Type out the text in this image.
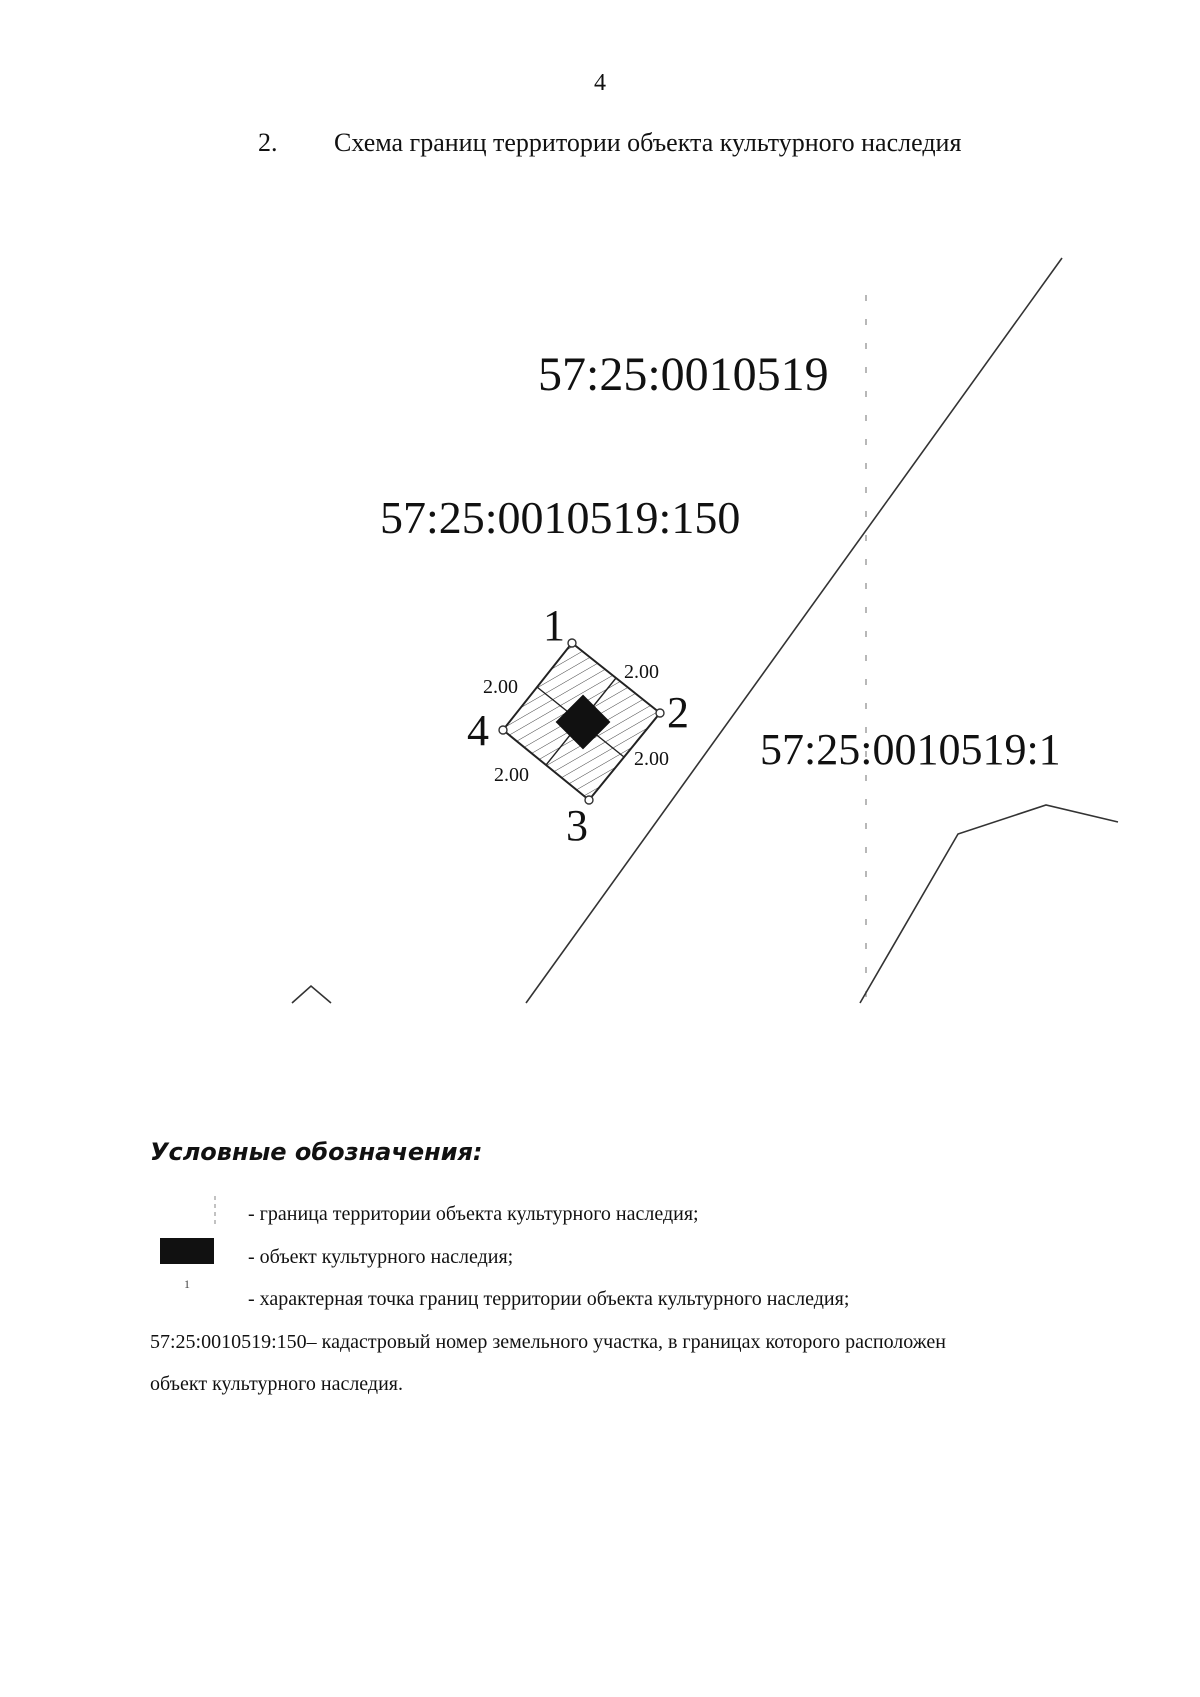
4
2. Схема границ территории объекта культурного наследия
57:25:0010519
57:25:0010519:150
57:25:0010519:1
1
2
3
4
2.00
2.00
2.00
2.00
Условные обозначения:
- граница территории объекта культурного наследия;
- объект культурного наследия;
1
- характерная точка границ территории объекта культурного наследия;
57:25:0010519:150– кадастровый номер земельного участка, в границах которого расположен
объект культурного наследия.
